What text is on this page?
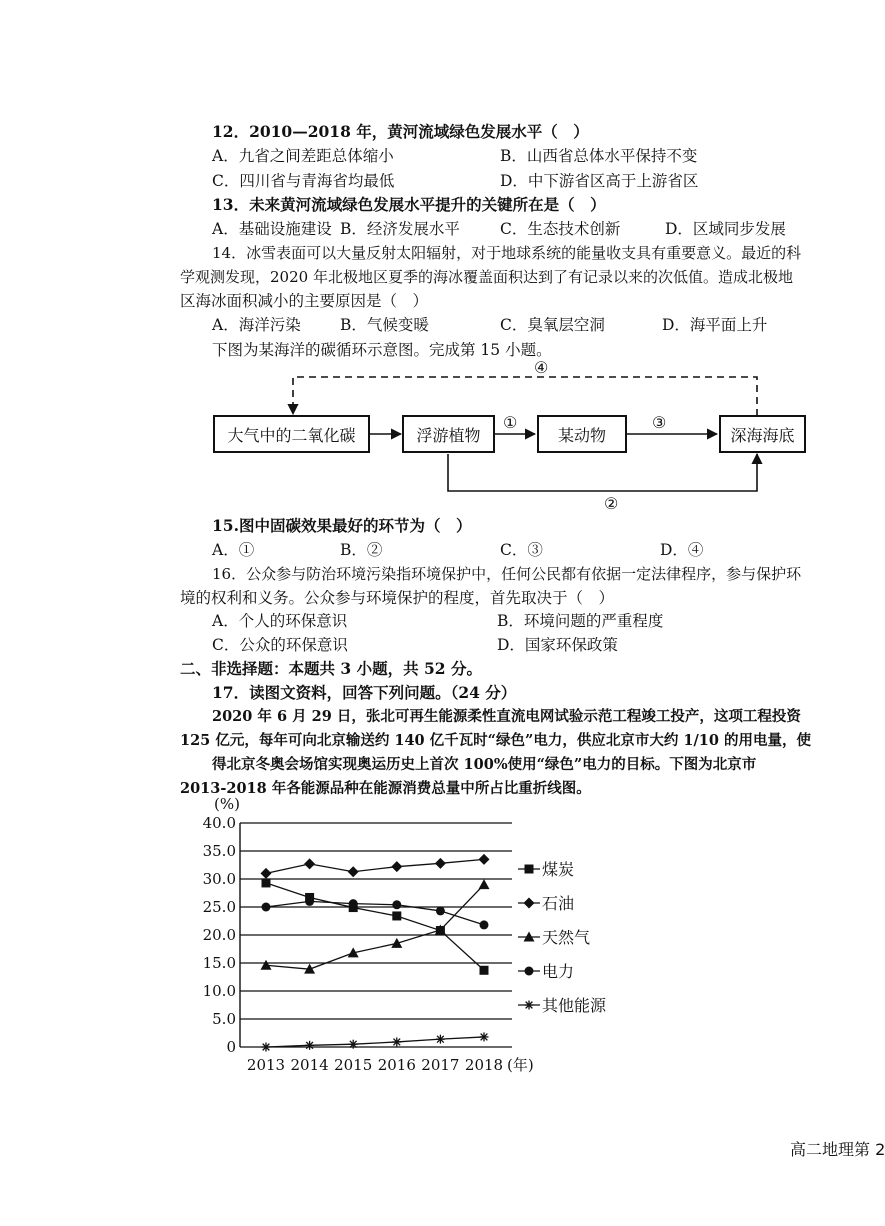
12．2010—2018 年，黄河流域绿色发展水平（　）
A．九省之间差距总体缩小	B．山西省总体水平保持不变
C．四川省与青海省均最低	D．中下游省区高于上游省区
13．未来黄河流域绿色发展水平提升的关键所在是（　）
A．基础设施建设 B．经济发展水平	C．生态技术创新	D．区域同步发展
14．冰雪表面可以大量反射太阳辐射，对于地球系统的能量收支具有重要意义。最近的科
学观测发现，2020 年北极地区夏季的海冰覆盖面积达到了有记录以来的次低值。造成北极地
区海冰面积减小的主要原因是（　）
A．海洋污染	B．气候变暖	C．臭氧层空洞	D．海平面上升
下图为某海洋的碳循环示意图。完成第 15 小题。
大气中的二氧化碳	浮游植物	某动物	深海海底
①	③
②
④
15.图中固碳效果最好的环节为（　）
A．①	B．②	C．③	D．④
16．公众参与防治环境污染指环境保护中，任何公民都有依据一定法律程序，参与保护环
境的权利和义务。公众参与环境保护的程度，首先取决于（　）
A．个人的环保意识	B．环境问题的严重程度
C．公众的环保意识	D．国家环保政策
二、非选择题：本题共 3 小题，共 52 分。
17．读图文资料，回答下列问题。（24 分）
2020 年 6 月 29 日，张北可再生能源柔性直流电网试验示范工程竣工投产，这项工程投资
125 亿元，每年可向北京输送约 140 亿千瓦时“绿色”电力，供应北京市大约 1/10 的用电量，使
得北京冬奥会场馆实现奥运历史上首次 100%使用“绿色”电力的目标。下图为北京市
2013-2018 年各能源品种在能源消费总量中所占比重折线图。
40.0
35.0
30.0
25.0
20.0
15.0
10.0
5.0
0
(%)
2013 2014 2015 2016 2017 2018 (年)
煤炭
石油
天然气
电力
其他能源
高二地理第 2
